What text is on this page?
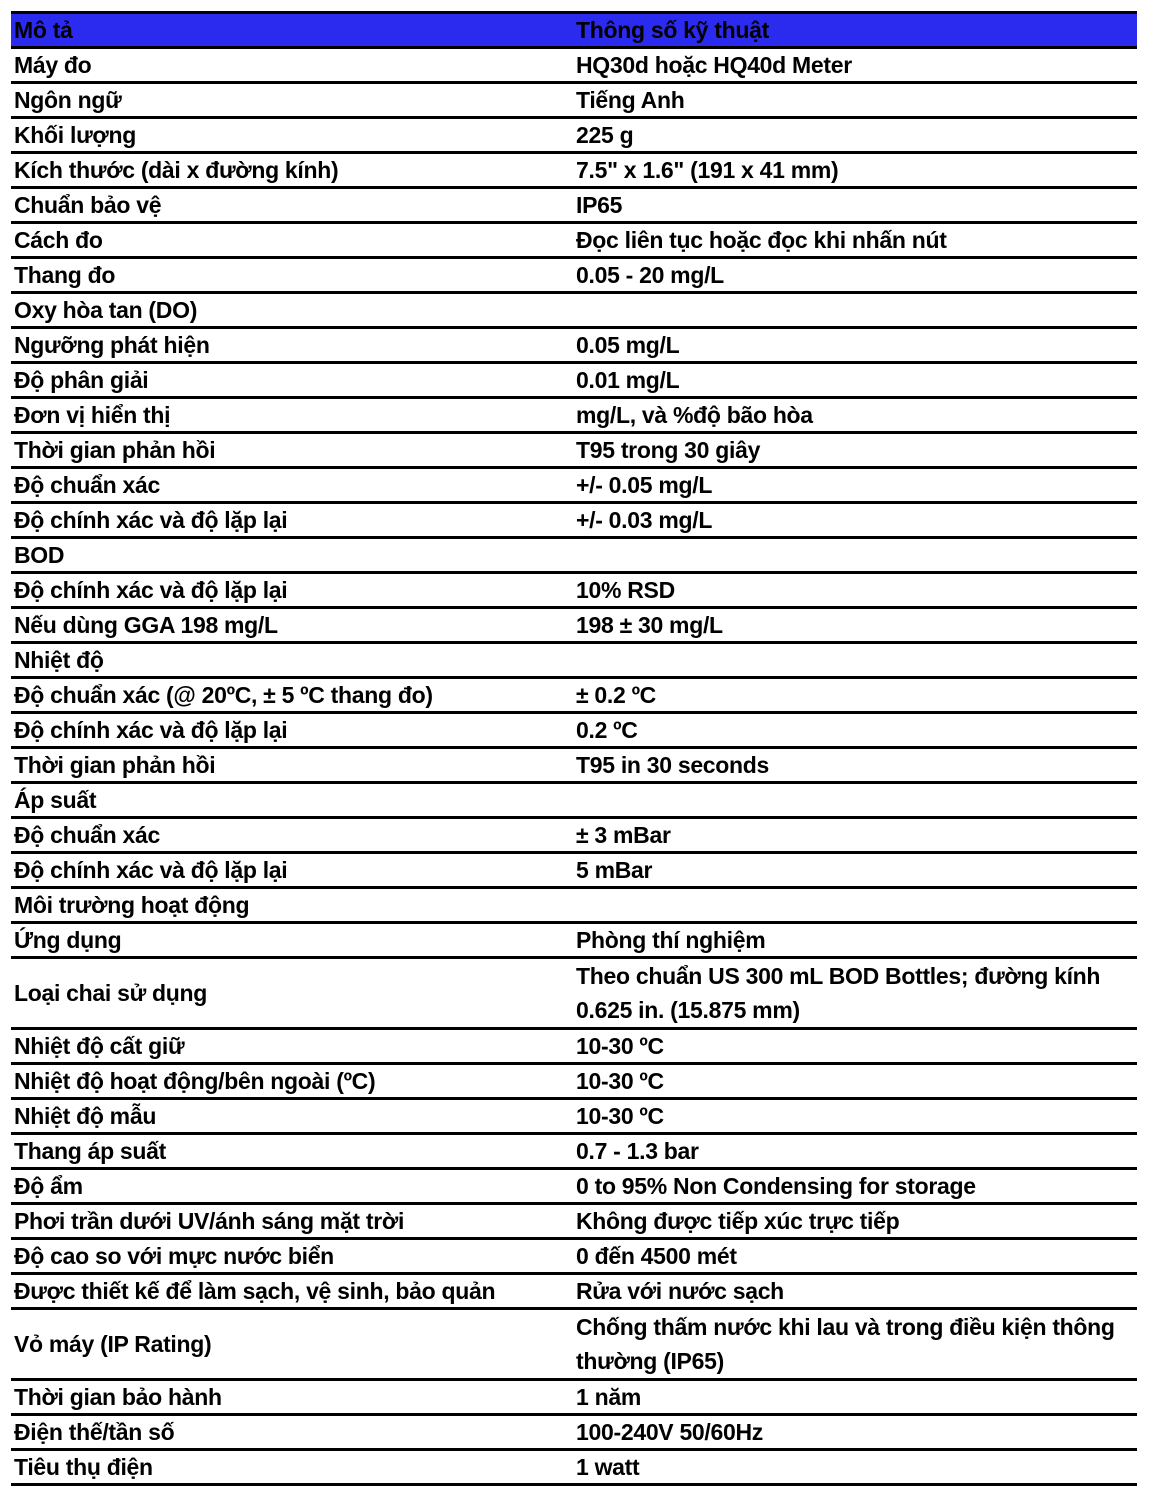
Mô tả	Thông số kỹ thuật
Máy đo	HQ30d hoặc HQ40d Meter
Ngôn ngữ	Tiếng Anh
Khối lượng	225 g
Kích thước (dài x đường kính)	7.5" x 1.6" (191 x 41 mm)
Chuẩn bảo vệ	IP65
Cách đo	Đọc liên tục hoặc đọc khi nhấn nút
Thang đo	0.05 - 20 mg/L
Oxy hòa tan (DO)	
Ngưỡng phát hiện	0.05 mg/L
Độ phân giải	0.01 mg/L
Đơn vị hiển thị	mg/L, và %độ bão hòa
Thời gian phản hồi	T95 trong 30 giây
Độ chuẩn xác	+/- 0.05 mg/L
Độ chính xác và độ lặp lại	+/- 0.03 mg/L
BOD	
Độ chính xác và độ lặp lại	10% RSD
Nếu dùng GGA 198 mg/L	198 ± 30 mg/L
Nhiệt độ	
Độ chuẩn xác (@ 20ºC, ± 5 ºC thang đo)	± 0.2 ºC
Độ chính xác và độ lặp lại	0.2 ºC
Thời gian phản hồi	T95 in 30 seconds
Áp suất	
Độ chuẩn xác	± 3 mBar
Độ chính xác và độ lặp lại	5 mBar
Môi trường hoạt động	
Ứng dụng	Phòng thí nghiệm
Loại chai sử dụng	Theo chuẩn US 300 mL BOD Bottles; đường kính 0.625 in. (15.875 mm)
Nhiệt độ cất giữ	10-30 ºC
Nhiệt độ hoạt động/bên ngoài (ºC)	10-30 ºC
Nhiệt độ mẫu	10-30 ºC
Thang áp suất	0.7 - 1.3 bar
Độ ẩm	0 to 95% Non Condensing for storage
Phơi trần dưới UV/ánh sáng mặt trời	Không được tiếp xúc trực tiếp
Độ cao so với mực nước biển	0 đến 4500 mét
Được thiết kế để làm sạch, vệ sinh, bảo quản	Rửa với nước sạch
Vỏ máy (IP Rating)	Chống thấm nước khi lau và trong điều kiện thông thường (IP65)
Thời gian bảo hành	1 năm
Điện thế/tần số	100-240V 50/60Hz
Tiêu thụ điện	1 watt
